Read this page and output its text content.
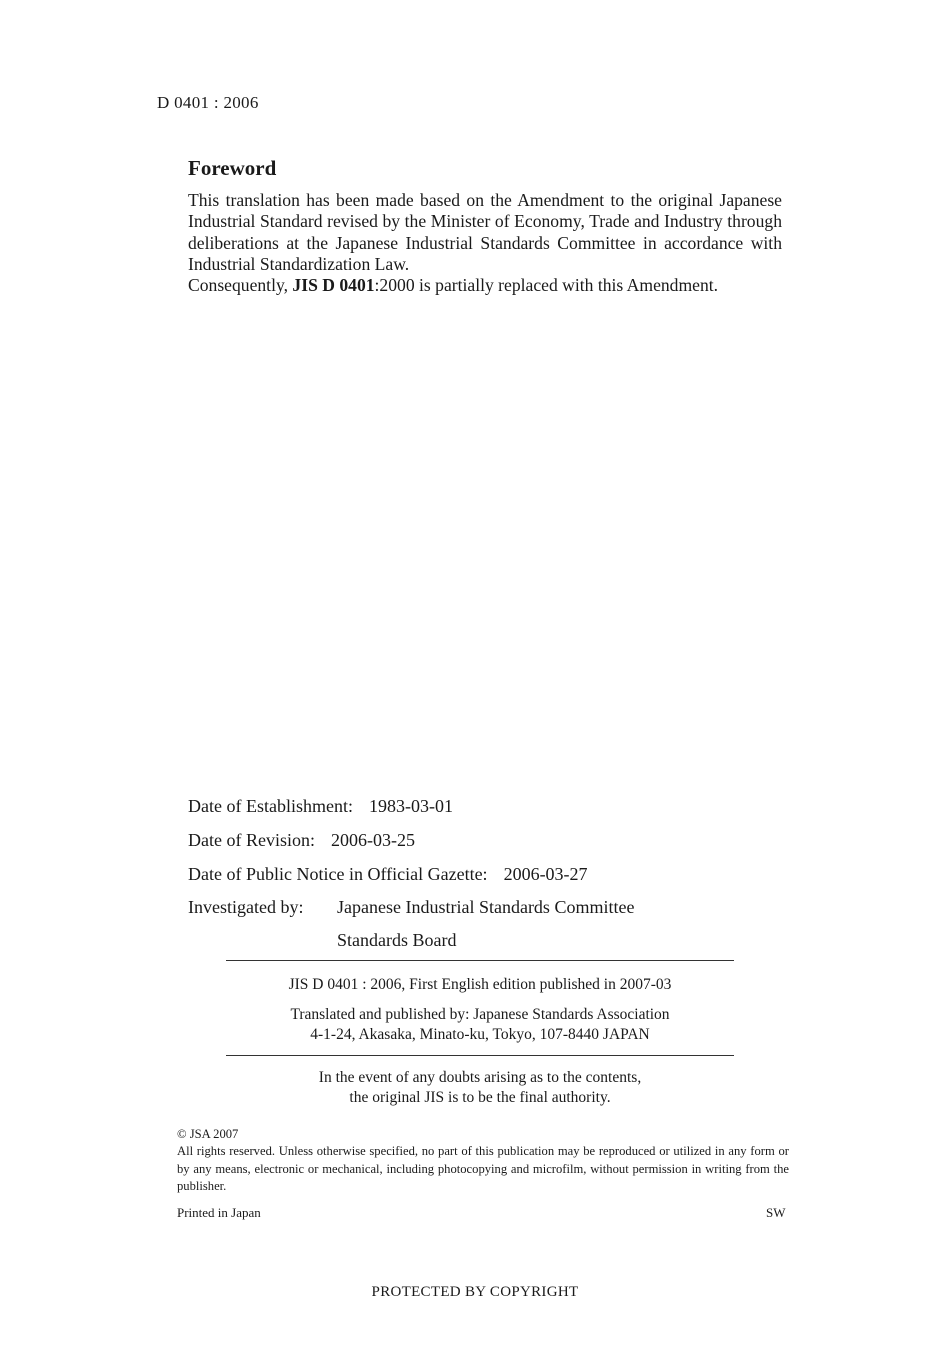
D 0401 : 2006
Foreword
This translation has been made based on the Amendment to the original Japanese Industrial Standard revised by the Minister of Economy, Trade and Industry through deliberations at the Japanese Industrial Standards Committee in accordance with Industrial Standardization Law.
Consequently, JIS D 0401:2000 is partially replaced with this Amendment.
Date of Establishment: 1983-03-01
Date of Revision: 2006-03-25
Date of Public Notice in Official Gazette: 2006-03-27
Investigated by: Japanese Industrial Standards Committee
Standards Board
JIS D 0401 : 2006, First English edition published in 2007-03
Translated and published by: Japanese Standards Association
4-1-24, Akasaka, Minato-ku, Tokyo, 107-8440 JAPAN
In the event of any doubts arising as to the contents,
the original JIS is to be the final authority.
© JSA 2007
All rights reserved. Unless otherwise specified, no part of this publication may be reproduced or utilized in any form or by any means, electronic or mechanical, including photocopying and microfilm, without permission in writing from the publisher.
Printed in Japan	SW
PROTECTED BY COPYRIGHT
